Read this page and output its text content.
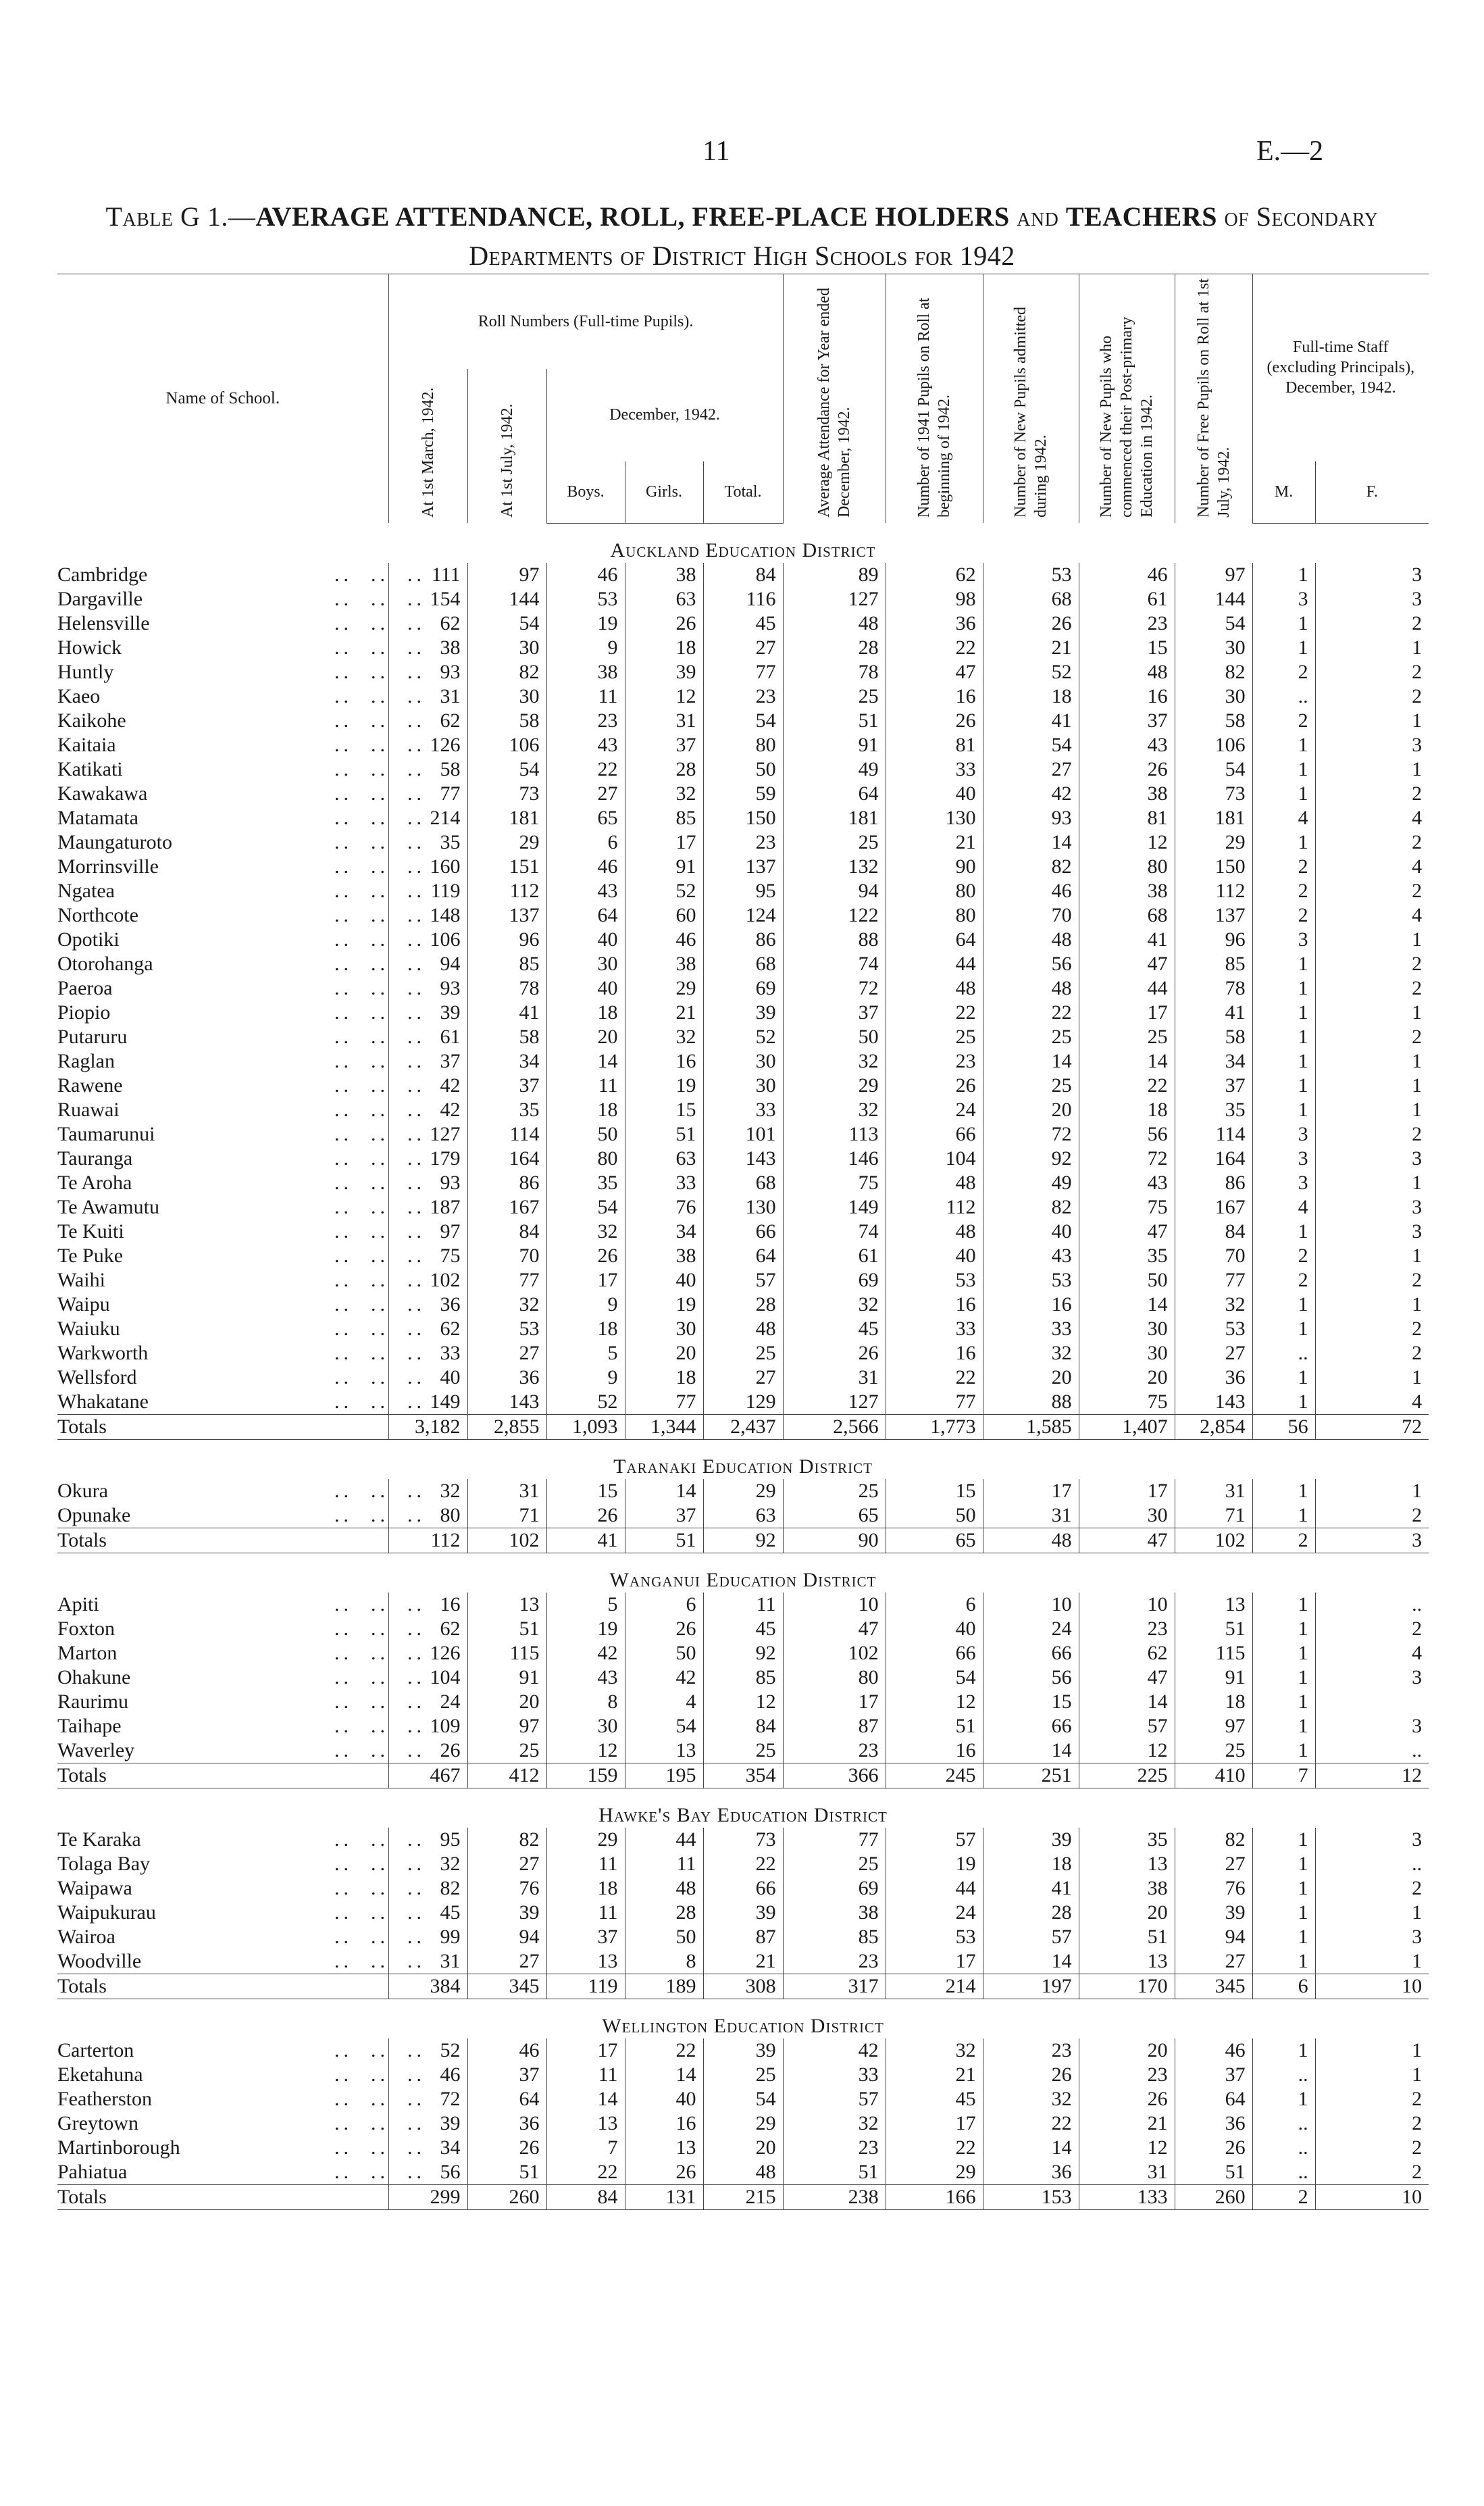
11	E.—2
Table G 1.—AVERAGE ATTENDANCE, ROLL, FREE-PLACE HOLDERS and TEACHERS of Secondary
Departments of District High Schools for 1942
Name of School.	Roll Numbers (Full-time Pupils).					Average Attendance for Year ended December, 1942.	Number of 1941 Pupils on Roll at beginning of 1942.	Number of New Pupils admitted during 1942.	Number of New Pupils who commenced their Post-primary Education in 1942.	Number of Free Pupils on Roll at 1st July, 1942.	Full-time Staff (excluding Principals), December, 1942.	

	At 1st March, 1942.	At 1st July, 1942.	December, 1942.									
			Boys.	Girls.	Total.						M.	F.
Auckland Education District												
Cambridge ..  ..  ..	111	97	46	38	84	89	62	53	46	97	1	3
Dargaville ..  ..  ..	154	144	53	63	116	127	98	68	61	144	3	3
Helensville ..  ..  ..	62	54	19	26	45	48	36	26	23	54	1	2
Howick ..  ..  ..	38	30	9	18	27	28	22	21	15	30	1	1
Huntly ..  ..  ..	93	82	38	39	77	78	47	52	48	82	2	2
Kaeo ..  ..  ..	31	30	11	12	23	25	16	18	16	30	..	2
Kaikohe ..  ..  ..	62	58	23	31	54	51	26	41	37	58	2	1
Kaitaia ..  ..  ..	126	106	43	37	80	91	81	54	43	106	1	3
Katikati ..  ..  ..	58	54	22	28	50	49	33	27	26	54	1	1
Kawakawa ..  ..  ..	77	73	27	32	59	64	40	42	38	73	1	2
Matamata ..  ..  ..	214	181	65	85	150	181	130	93	81	181	4	4
Maungaturoto ..  ..  ..	35	29	6	17	23	25	21	14	12	29	1	2
Morrinsville ..  ..  ..	160	151	46	91	137	132	90	82	80	150	2	4
Ngatea ..  ..  ..	119	112	43	52	95	94	80	46	38	112	2	2
Northcote ..  ..  ..	148	137	64	60	124	122	80	70	68	137	2	4
Opotiki ..  ..  ..	106	96	40	46	86	88	64	48	41	96	3	1
Otorohanga ..  ..  ..	94	85	30	38	68	74	44	56	47	85	1	2
Paeroa ..  ..  ..	93	78	40	29	69	72	48	48	44	78	1	2
Piopio ..  ..  ..	39	41	18	21	39	37	22	22	17	41	1	1
Putaruru ..  ..  ..	61	58	20	32	52	50	25	25	25	58	1	2
Raglan ..  ..  ..	37	34	14	16	30	32	23	14	14	34	1	1
Rawene ..  ..  ..	42	37	11	19	30	29	26	25	22	37	1	1
Ruawai ..  ..  ..	42	35	18	15	33	32	24	20	18	35	1	1
Taumarunui ..  ..  ..	127	114	50	51	101	113	66	72	56	114	3	2
Tauranga ..  ..  ..	179	164	80	63	143	146	104	92	72	164	3	3
Te Aroha ..  ..  ..	93	86	35	33	68	75	48	49	43	86	3	1
Te Awamutu ..  ..  ..	187	167	54	76	130	149	112	82	75	167	4	3
Te Kuiti ..  ..  ..	97	84	32	34	66	74	48	40	47	84	1	3
Te Puke ..  ..  ..	75	70	26	38	64	61	40	43	35	70	2	1
Waihi ..  ..  ..	102	77	17	40	57	69	53	53	50	77	2	2
Waipu ..  ..  ..	36	32	9	19	28	32	16	16	14	32	1	1
Waiuku ..  ..  ..	62	53	18	30	48	45	33	33	30	53	1	2
Warkworth ..  ..  ..	33	27	5	20	25	26	16	32	30	27	..	2
Wellsford ..  ..  ..	40	36	9	18	27	31	22	20	20	36	1	1
Whakatane ..  ..  ..	149	143	52	77	129	127	77	88	75	143	1	4
Totals	3,182	2,855	1,093	1,344	2,437	2,566	1,773	1,585	1,407	2,854	56	72
Taranaki Education District												
Okura ..  ..  ..	32	31	15	14	29	25	15	17	17	31	1	1
Opunake ..  ..  ..	80	71	26	37	63	65	50	31	30	71	1	2
Totals	112	102	41	51	92	90	65	48	47	102	2	3
Wanganui Education District												
Apiti ..  ..  ..	16	13	5	6	11	10	6	10	10	13	1	..
Foxton ..  ..  ..	62	51	19	26	45	47	40	24	23	51	1	2
Marton ..  ..  ..	126	115	42	50	92	102	66	66	62	115	1	4
Ohakune ..  ..  ..	104	91	43	42	85	80	54	56	47	91	1	3
Raurimu ..  ..  ..	24	20	8	4	12	17	12	15	14	18	1	
Taihape ..  ..  ..	109	97	30	54	84	87	51	66	57	97	1	3
Waverley ..  ..  ..	26	25	12	13	25	23	16	14	12	25	1	..
Totals	467	412	159	195	354	366	245	251	225	410	7	12
Hawke's Bay Education District												
Te Karaka ..  ..  ..	95	82	29	44	73	77	57	39	35	82	1	3
Tolaga Bay ..  ..  ..	32	27	11	11	22	25	19	18	13	27	1	..
Waipawa ..  ..  ..	82	76	18	48	66	69	44	41	38	76	1	2
Waipukurau ..  ..  ..	45	39	11	28	39	38	24	28	20	39	1	1
Wairoa ..  ..  ..	99	94	37	50	87	85	53	57	51	94	1	3
Woodville ..  ..  ..	31	27	13	8	21	23	17	14	13	27	1	1
Totals	384	345	119	189	308	317	214	197	170	345	6	10
Wellington Education District												
Carterton ..  ..  ..	52	46	17	22	39	42	32	23	20	46	1	1
Eketahuna ..  ..  ..	46	37	11	14	25	33	21	26	23	37	..	1
Featherston ..  ..  ..	72	64	14	40	54	57	45	32	26	64	1	2
Greytown ..  ..  ..	39	36	13	16	29	32	17	22	21	36	..	2
Martinborough ..  ..  ..	34	26	7	13	20	23	22	14	12	26	..	2
Pahiatua ..  ..  ..	56	51	22	26	48	51	29	36	31	51	..	2
Totals	299	260	84	131	215	238	166	153	133	260	2	10
